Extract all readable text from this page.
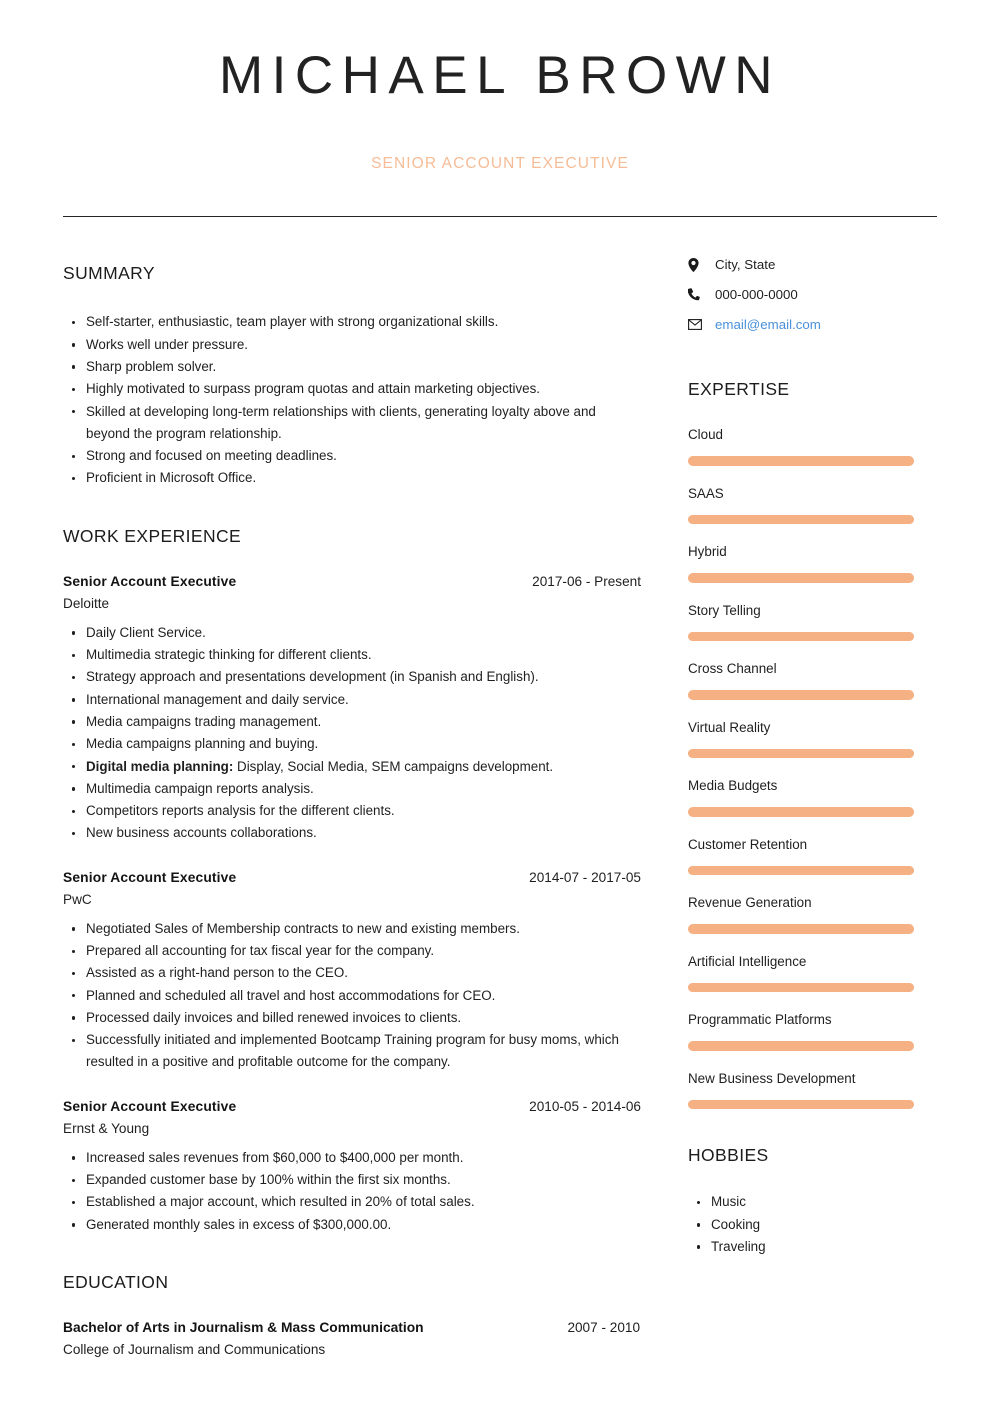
MICHAEL BROWN
SENIOR ACCOUNT EXECUTIVE
SUMMARY
Self-starter, enthusiastic, team player with strong organizational skills.
Works well under pressure.
Sharp problem solver.
Highly motivated to surpass program quotas and attain marketing objectives.
Skilled at developing long-term relationships with clients, generating loyalty above and beyond the program relationship.
Strong and focused on meeting deadlines.
Proficient in Microsoft Office.
WORK EXPERIENCE
Senior Account Executive	2017-06 - Present
Deloitte
Daily Client Service.
Multimedia strategic thinking for different clients.
Strategy approach and presentations development (in Spanish and English).
International management and daily service.
Media campaigns trading management.
Media campaigns planning and buying.
Digital media planning: Display, Social Media, SEM campaigns development.
Multimedia campaign reports analysis.
Competitors reports analysis for the different clients.
New business accounts collaborations.
Senior Account Executive	2014-07 - 2017-05
PwC
Negotiated Sales of Membership contracts to new and existing members.
Prepared all accounting for tax fiscal year for the company.
Assisted as a right-hand person to the CEO.
Planned and scheduled all travel and host accommodations for CEO.
Processed daily invoices and billed renewed invoices to clients.
Successfully initiated and implemented Bootcamp Training program for busy moms, which resulted in a positive and profitable outcome for the company.
Senior Account Executive	2010-05 - 2014-06
Ernst & Young
Increased sales revenues from $60,000 to $400,000 per month.
Expanded customer base by 100% within the first six months.
Established a major account, which resulted in 20% of total sales.
Generated monthly sales in excess of $300,000.00.
EDUCATION
Bachelor of Arts in Journalism & Mass Communication	2007 - 2010
College of Journalism and Communications
City, State
000-000-0000
email@email.com
EXPERTISE
Cloud
SAAS
Hybrid
Story Telling
Cross Channel
Virtual Reality
Media Budgets
Customer Retention
Revenue Generation
Artificial Intelligence
Programmatic Platforms
New Business Development
HOBBIES
Music
Cooking
Traveling
